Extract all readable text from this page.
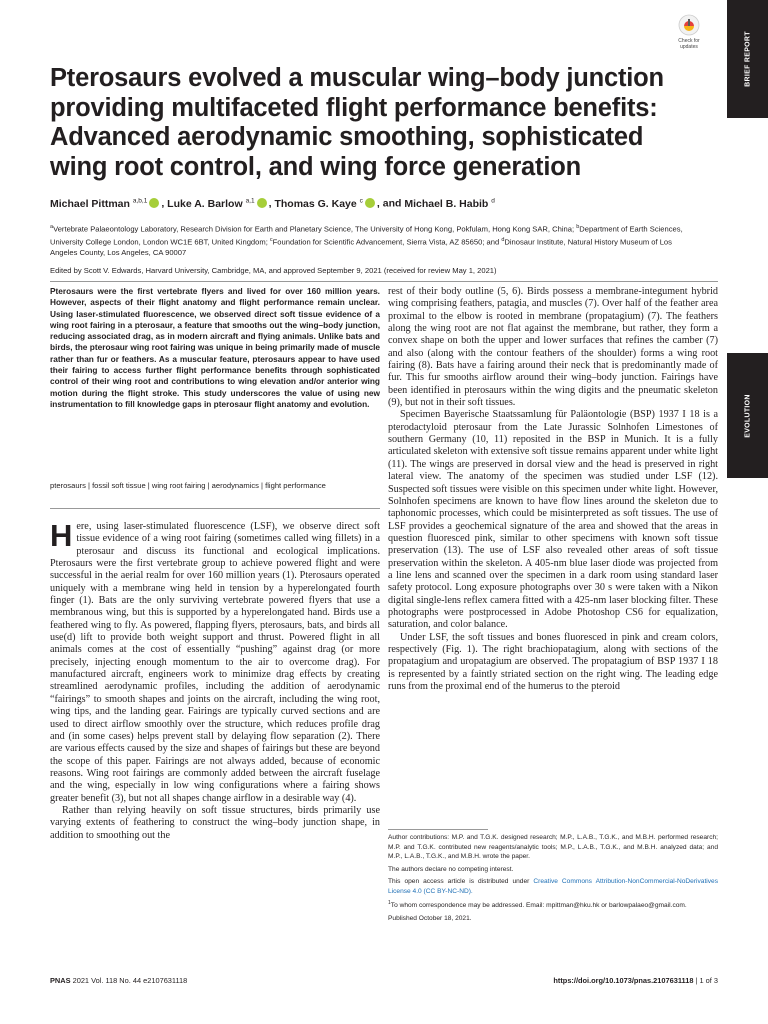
BRIEF REPORT
EVOLUTION
Check for
updates
Pterosaurs evolved a muscular wing–body junction providing multifaceted flight performance benefits: Advanced aerodynamic smoothing, sophisticated wing root control, and wing force generation
Michael Pittman $^{a,b,1}$ , Luke A. Barlow $^{a,1}$ , Thomas G. Kaye $^c$ , and Michael B. Habib $^d$
$^a$Vertebrate Palaeontology Laboratory, Research Division for Earth and Planetary Science, The University of Hong Kong, Pokfulam, Hong Kong SAR, China; $^b$Department of Earth Sciences, University College London, London WC1E 6BT, United Kingdom; $^c$Foundation for Scientific Advancement, Sierra Vista, AZ 85650; and $^d$Dinosaur Institute, Natural History Museum of Los Angeles County, Los Angeles, CA 90007
Edited by Scott V. Edwards, Harvard University, Cambridge, MA, and approved September 9, 2021 (received for review May 1, 2021)
Pterosaurs were the first vertebrate flyers and lived for over 160 million years. However, aspects of their flight anatomy and flight performance remain unclear. Using laser-stimulated fluorescence, we observed direct soft tissue evidence of a wing root fairing in a pterosaur, a feature that smooths out the wing–body junction, reducing associated drag, as in modern aircraft and flying animals. Unlike bats and birds, the pterosaur wing root fairing was unique in being primarily made of muscle rather than fur or feathers. As a muscular feature, pterosaurs appear to have used their fairing to access further flight performance benefits through sophisticated control of their wing root and contributions to wing elevation and/or anterior wing motion during the flight stroke. This study underscores the value of using new instrumentation to fill knowledge gaps in pterosaur flight anatomy and evolution.
pterosaurs | fossil soft tissue | wing root fairing | aerodynamics | flight performance

Here, using laser-stimulated fluorescence (LSF), we observe direct soft tissue evidence of a wing root fairing (sometimes called wing fillets) in a pterosaur and discuss its functional and ecological implications. Pterosaurs were the first vertebrate group to achieve powered flight and were successful in the aerial realm for over 160 million years (1). Pterosaurs operated uniquely with a membrane wing held in tension by a hyperelongated fourth finger (1). Bats are the only surviving vertebrate powered flyers that use a membranous wing, but this is supported by a hyperelongated hand. Birds use a feathered wing to fly. As powered, flapping flyers, pterosaurs, bats, and birds all use(d) lift to provide both weight support and thrust. Powered flight in all animals comes at the cost of essentially “pushing” against drag (or more precisely, injecting enough momentum to the air to overcome drag). For manufactured aircraft, engineers work to minimize drag effects by creating streamlined aerodynamic profiles, including the addition of aerodynamic “fairings” to smooth shapes and joints on the aircraft, including the wing root, wing tips, and the landing gear. Fairings are typically curved sections and are used to direct airflow smoothly over the structure, which reduces profile drag and (in some cases) helps prevent stall by delaying flow separation (2). There are various effects caused by the size and shapes of fairings but these are beyond the scope of this paper. Fairings are not always added, because of economic reasons. Wing root fairings are commonly added between the aircraft fuselage and the wing, especially in low wing configurations where a fairing shows greater benefit (3), but not all shapes change airflow in a desirable way (4).

Rather than relying heavily on soft tissue structures, birds primarily use varying extents of feathering to construct the wing–body junction shape, in addition to smoothing out the

rest of their body outline (5, 6). Birds possess a membrane-integument hybrid wing comprising feathers, patagia, and muscles (7). Over half of the feather area proximal to the elbow is rooted in membrane (propatagium) (7). The feathers along the wing root are not flat against the membrane, but rather, they form a convex shape on both the upper and lower surfaces that refines the camber (7) and also (along with the contour feathers of the shoulder) forms a wing root fairing (8). Bats have a fairing around their neck that is predominantly made of fur. This fur smooths airflow around their wing–body junction. Fairings have been identified in pterosaurs within the wing digits and the pneumatic skeleton (9), but not in their soft tissues.

Specimen Bayerische Staatssamlung für Paläontologie (BSP) 1937 I 18 is a pterodactyloid pterosaur from the Late Jurassic Solnhofen Limestones of southern Germany (10, 11) reposited in the BSP in Munich. It is a fully articulated skeleton with extensive soft tissue remains apparent under white light (11). The wings are preserved in dorsal view and the head is preserved in right lateral view. The anatomy of the specimen was studied under LSF (12). Suspected soft tissues were visible on this specimen under white light. However, Solnhofen specimens are known to have flow lines around the skeleton due to taphonomic processes, which could be misinterpreted as soft tissues. The use of LSF provides a geochemical signature of the area and showed that the areas in question fluoresced pink, similar to other specimens with known soft tissue preservation (13). The use of LSF also revealed other areas of soft tissue preservation within the skeleton. A 405-nm blue laser diode was projected from a line lens and scanned over the specimen in a dark room using standard laser safety protocol. Long exposure photographs over 30 s were taken with a Nikon digital single-lens reflex camera fitted with a 425-nm laser blocking filter. These photographs were postprocessed in Adobe Photoshop CS6 for equalization, saturation, and color balance.

Under LSF, the soft tissues and bones fluoresced in pink and cream colors, respectively (Fig. 1). The right brachiopatagium, along with sections of the propatagium and uropatagium are observed. The propatagium of BSP 1937 I 18 is represented by a faintly striated section on the right wing. The leading edge runs from the proximal end of the humerus to the pteroid

Author contributions: M.P. and T.G.K. designed research; M.P., L.A.B., T.G.K., and M.B.H. performed research; M.P. and T.G.K. contributed new reagents/analytic tools; M.P., L.A.B., T.G.K., and M.B.H. analyzed data; and M.P., L.A.B., T.G.K., and M.B.H. wrote the paper.

The authors declare no competing interest.

This open access article is distributed under Creative Commons Attribution-NonCommercial-NoDerivatives License 4.0 (CC BY-NC-ND).

$^1$To whom correspondence may be addressed. Email: mpittman@hku.hk or barlowpalaeo@gmail.com.

Published October 18, 2021.

PNAS 2021 Vol. 118 No. 44 e2107631118	https://doi.org/10.1073/pnas.2107631118 | 1 of 3
